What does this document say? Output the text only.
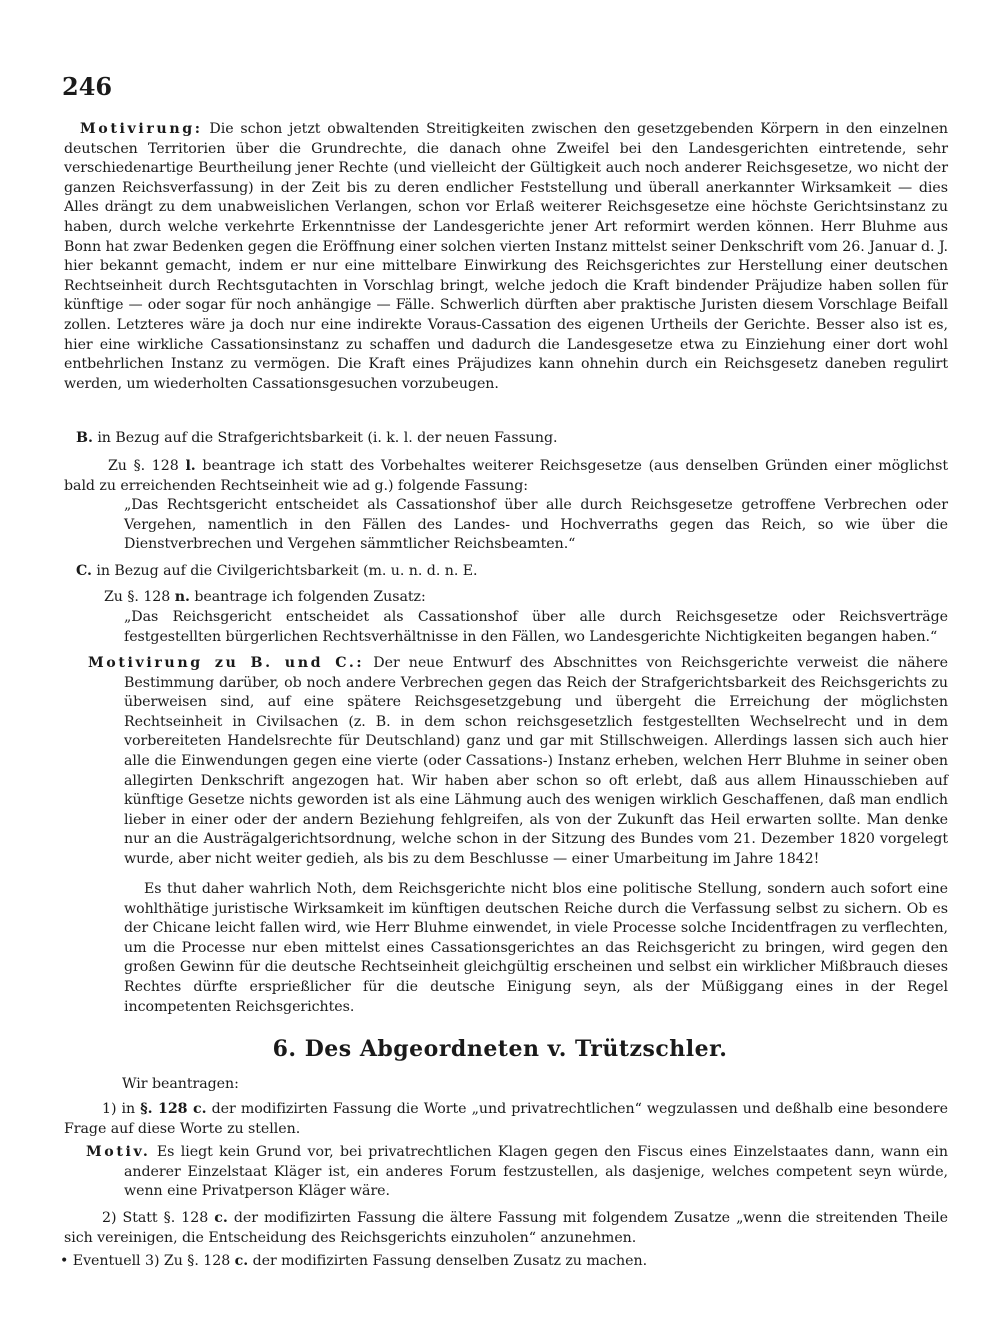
246

Motivirung: Die schon jetzt obwaltenden Streitigkeiten zwischen den gesetzgebenden Körpern in den einzelnen deutschen Territorien über die Grundrechte, die danach ohne Zweifel bei den Landesgerichten eintretende, sehr verschiedenartige Beurtheilung jener Rechte (und vielleicht der Gültigkeit auch noch anderer Reichsgesetze, wo nicht der ganzen Reichsverfassung) in der Zeit bis zu deren endlicher Feststellung und überall anerkannter Wirksamkeit — dies Alles drängt zu dem unabweislichen Verlangen, schon vor Erlaß weiterer Reichsgesetze eine höchste Gerichtsinstanz zu haben, durch welche verkehrte Erkenntnisse der Landesgerichte jener Art reformirt werden können. Herr Bluhme aus Bonn hat zwar Bedenken gegen die Eröffnung einer solchen vierten Instanz mittelst seiner Denkschrift vom 26. Januar d. J. hier bekannt gemacht, indem er nur eine mittelbare Einwirkung des Reichsgerichtes zur Herstellung einer deutschen Rechtseinheit durch Rechtsgutachten in Vorschlag bringt, welche jedoch die Kraft bindender Präjudize haben sollen für künftige — oder sogar für noch anhängige — Fälle. Schwerlich dürften aber praktische Juristen diesem Vorschlage Beifall zollen. Letzteres wäre ja doch nur eine indirekte Voraus-Cassation des eigenen Urtheils der Gerichte. Besser also ist es, hier eine wirkliche Cassationsinstanz zu schaffen und dadurch die Landesgesetze etwa zu Einziehung einer dort wohl entbehrlichen Instanz zu vermögen. Die Kraft eines Präjudizes kann ohnehin durch ein Reichsgesetz daneben regulirt werden, um wiederholten Cassationsgesuchen vorzubeugen.

B. in Bezug auf die Strafgerichtsbarkeit (i. k. l. der neuen Fassung.

Zu §. 128 l. beantrage ich statt des Vorbehaltes weiterer Reichsgesetze (aus denselben Gründen einer möglichst bald zu erreichenden Rechtseinheit wie ad g.) folgende Fassung:

„Das Rechtsgericht entscheidet als Cassationshof über alle durch Reichsgesetze getroffene Verbrechen oder Vergehen, namentlich in den Fällen des Landes- und Hochverraths gegen das Reich, so wie über die Dienstverbrechen und Vergehen sämmtlicher Reichsbeamten.“

C. in Bezug auf die Civilgerichtsbarkeit (m. u. n. d. n. E.

Zu §. 128 n. beantrage ich folgenden Zusatz:

„Das Reichsgericht entscheidet als Cassationshof über alle durch Reichsgesetze oder Reichsverträge festgestellten bürgerlichen Rechtsverhältnisse in den Fällen, wo Landesgerichte Nichtigkeiten begangen haben.“

Motivirung zu B. und C.: Der neue Entwurf des Abschnittes von Reichsgerichte verweist die nähere Bestimmung darüber, ob noch andere Verbrechen gegen das Reich der Strafgerichtsbarkeit des Reichsgerichts zu überweisen sind, auf eine spätere Reichsgesetzgebung und übergeht die Erreichung der möglichsten Rechtseinheit in Civilsachen (z. B. in dem schon reichsgesetzlich festgestellten Wechselrecht und in dem vorbereiteten Handelsrechte für Deutschland) ganz und gar mit Stillschweigen. Allerdings lassen sich auch hier alle die Einwendungen gegen eine vierte (oder Cassations-) Instanz erheben, welchen Herr Bluhme in seiner oben allegirten Denkschrift angezogen hat. Wir haben aber schon so oft erlebt, daß aus allem Hinausschieben auf künftige Gesetze nichts geworden ist als eine Lähmung auch des wenigen wirklich Geschaffenen, daß man endlich lieber in einer oder der andern Beziehung fehlgreifen, als von der Zukunft das Heil erwarten sollte. Man denke nur an die Austrägalgerichtsordnung, welche schon in der Sitzung des Bundes vom 21. Dezember 1820 vorgelegt wurde, aber nicht weiter gedieh, als bis zu dem Beschlusse — einer Umarbeitung im Jahre 1842!

Es thut daher wahrlich Noth, dem Reichsgerichte nicht blos eine politische Stellung, sondern auch sofort eine wohlthätige juristische Wirksamkeit im künftigen deutschen Reiche durch die Verfassung selbst zu sichern. Ob es der Chicane leicht fallen wird, wie Herr Bluhme einwendet, in viele Processe solche Incidentfragen zu verflechten, um die Processe nur eben mittelst eines Cassationsgerichtes an das Reichsgericht zu bringen, wird gegen den großen Gewinn für die deutsche Rechtseinheit gleichgültig erscheinen und selbst ein wirklicher Mißbrauch dieses Rechtes dürfte ersprießlicher für die deutsche Einigung seyn, als der Müßiggang eines in der Regel incompetenten Reichsgerichtes.

6. Des Abgeordneten v. Trützschler.

Wir beantragen:

1) in §. 128 c. der modifizirten Fassung die Worte „und privatrechtlichen“ wegzulassen und deßhalb eine besondere Frage auf diese Worte zu stellen.

Motiv. Es liegt kein Grund vor, bei privatrechtlichen Klagen gegen den Fiscus eines Einzelstaates dann, wann ein anderer Einzelstaat Kläger ist, ein anderes Forum festzustellen, als dasjenige, welches competent seyn würde, wenn eine Privatperson Kläger wäre.

2) Statt §. 128 c. der modifizirten Fassung die ältere Fassung mit folgendem Zusatze „wenn die streitenden Theile sich vereinigen, die Entscheidung des Reichsgerichts einzuholen“ anzunehmen.

• Eventuell 3) Zu §. 128 c. der modifizirten Fassung denselben Zusatz zu machen.
